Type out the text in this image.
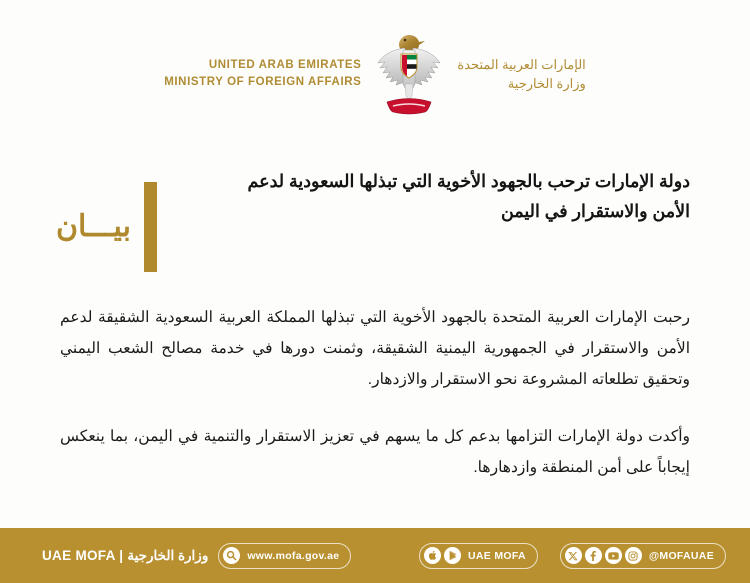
UNITED ARAB EMIRATES
MINISTRY OF FOREIGN AFFAIRS
الإمارات العربية المتحدة
وزارة الخارجية
دولة الإمارات ترحب بالجهود الأخوية التي تبذلها السعودية لدعم الأمن والاستقرار في اليمن
بيـــان

رحبت الإمارات العربية المتحدة بالجهود الأخوية التي تبذلها المملكة العربية السعودية الشقيقة لدعم الأمن والاستقرار في الجمهورية اليمنية الشقيقة، وثمنت دورها في خدمة مصالح الشعب اليمني وتحقيق تطلعاته المشروعة نحو الاستقرار والازدهار.

وأكدت دولة الإمارات التزامها بدعم كل ما يسهم في تعزيز الاستقرار والتنمية في اليمن، بما ينعكس إيجاباً على أمن المنطقة وازدهارها.

UAE MOFA | وزارة الخارجية	www.mofa.gov.ae	UAE MOFA	@MOFAUAE
